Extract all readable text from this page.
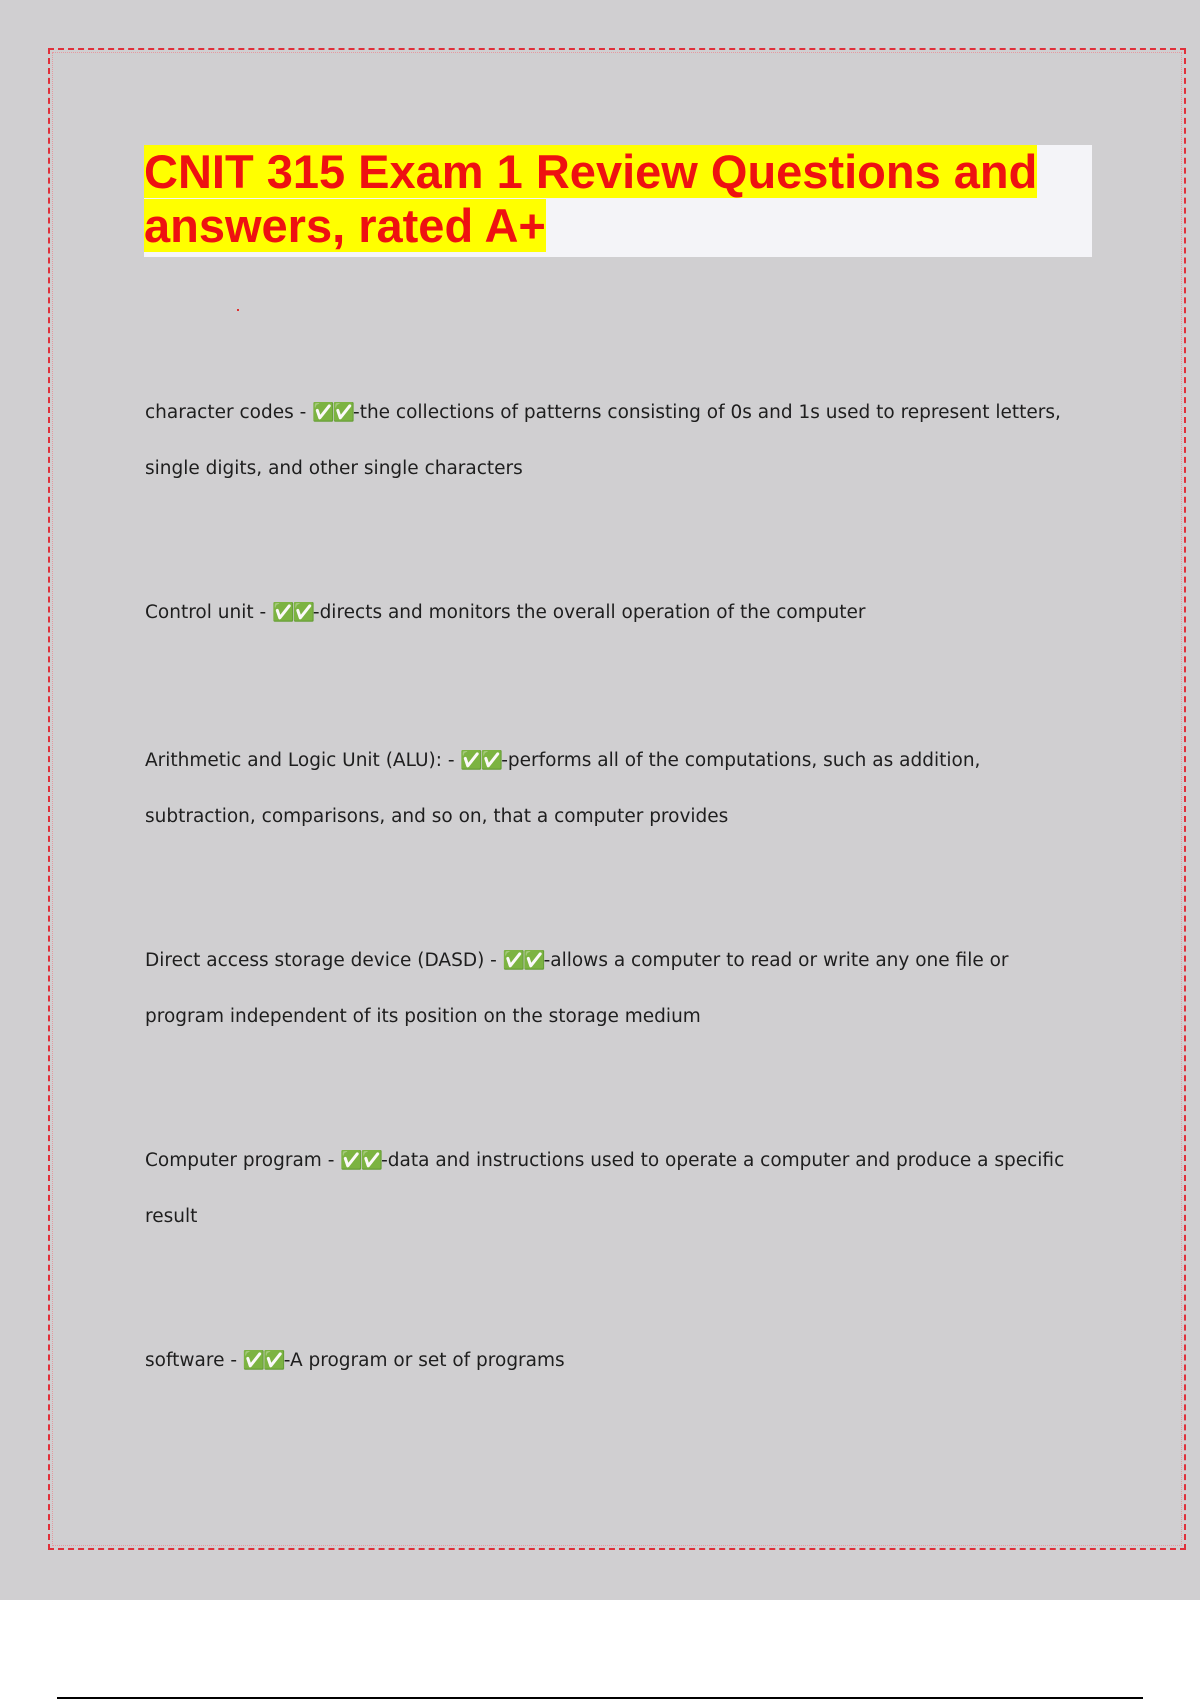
CNIT 315 Exam 1 Review Questions and
answers, rated A+

character codes - ✅✅-the collections of patterns consisting of 0s and 1s used to represent letters, single digits, and other single characters

Control unit - ✅✅-directs and monitors the overall operation of the computer

Arithmetic and Logic Unit (ALU): - ✅✅-performs all of the computations, such as addition, subtraction, comparisons, and so on, that a computer provides

Direct access storage device (DASD) - ✅✅-allows a computer to read or write any one file or program independent of its position on the storage medium

Computer program - ✅✅-data and instructions used to operate a computer and produce a specific result

software - ✅✅-A program or set of programs
